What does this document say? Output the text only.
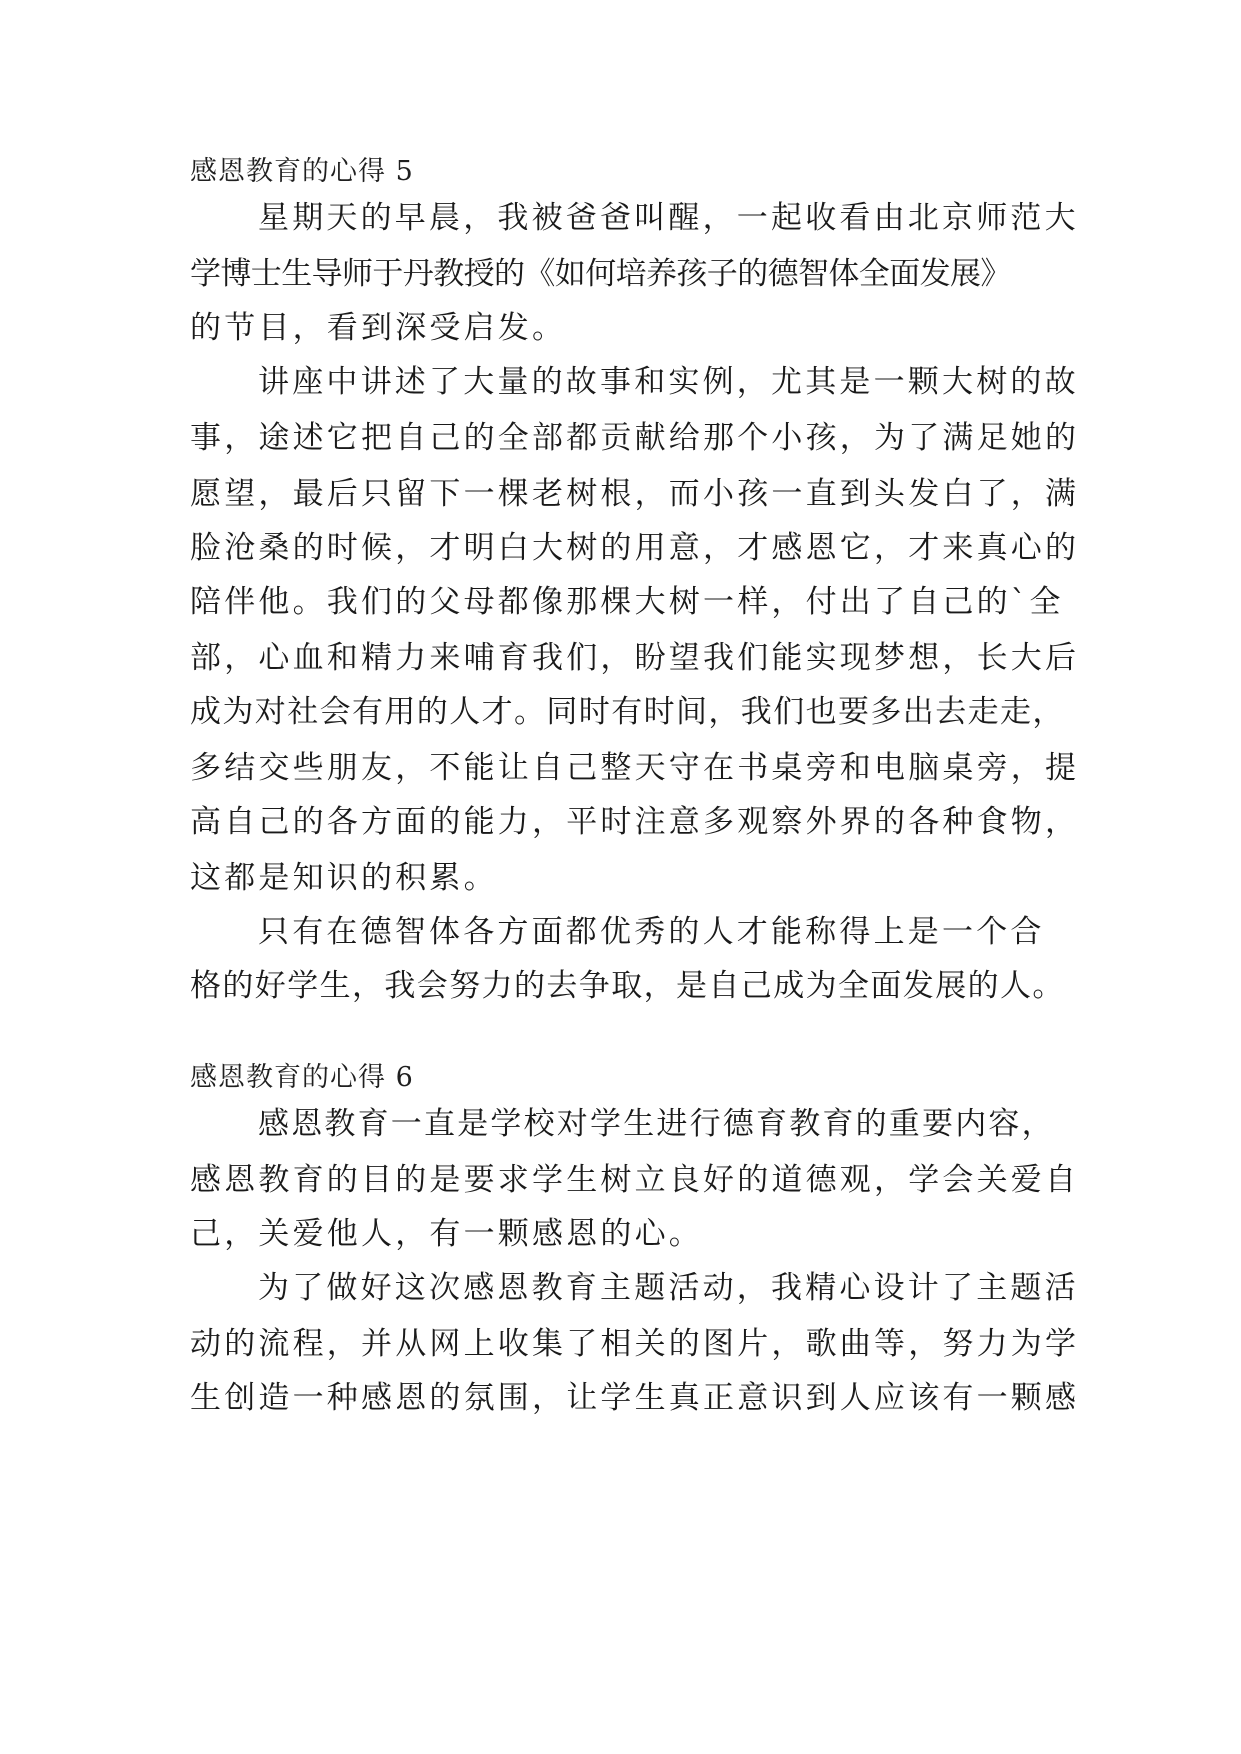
感恩教育的心得 5
星期天的早晨，我被爸爸叫醒，一起收看由北京师范大
学博士生导师于丹教授的《如何培养孩子的德智体全面发展》
的节目，看到深受启发。
讲座中讲述了大量的故事和实例，尤其是一颗大树的故
事，途述它把自己的全部都贡献给那个小孩，为了满足她的
愿望，最后只留下一棵老树根，而小孩一直到头发白了，满
脸沧桑的时候，才明白大树的用意，才感恩它，才来真心的
陪伴他。我们的父母都像那棵大树一样，付出了自己的`全
部，心血和精力来哺育我们，盼望我们能实现梦想，长大后
成为对社会有用的人才。同时有时间，我们也要多出去走走，
多结交些朋友，不能让自己整天守在书桌旁和电脑桌旁，提
高自己的各方面的能力，平时注意多观察外界的各种食物，
这都是知识的积累。
只有在德智体各方面都优秀的人才能称得上是一个合
格的好学生，我会努力的去争取，是自己成为全面发展的人。
感恩教育的心得 6
感恩教育一直是学校对学生进行德育教育的重要内容，
感恩教育的目的是要求学生树立良好的道德观，学会关爱自
己，关爱他人，有一颗感恩的心。
为了做好这次感恩教育主题活动，我精心设计了主题活
动的流程，并从网上收集了相关的图片，歌曲等，努力为学
生创造一种感恩的氛围，让学生真正意识到人应该有一颗感
